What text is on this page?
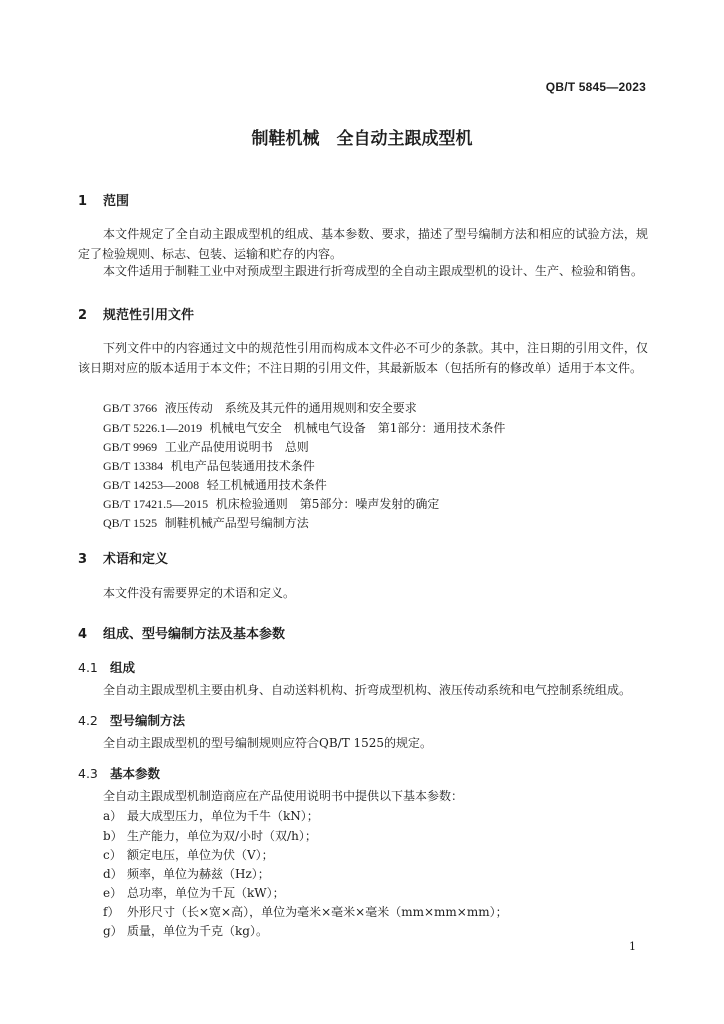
QB/T 5845—2023
制鞋机械　全自动主跟成型机
1 范围
本文件规定了全自动主跟成型机的组成、基本参数、要求，描述了型号编制方法和相应的试验方法，规定了检验规则、标志、包装、运输和贮存的内容。
本文件适用于制鞋工业中对预成型主跟进行折弯成型的全自动主跟成型机的设计、生产、检验和销售。
2 规范性引用文件
下列文件中的内容通过文中的规范性引用而构成本文件必不可少的条款。其中，注日期的引用文件，仅该日期对应的版本适用于本文件；不注日期的引用文件，其最新版本（包括所有的修改单）适用于本文件。
GB/T 3766 液压传动　系统及其元件的通用规则和安全要求
GB/T 5226.1—2019 机械电气安全　机械电气设备　第1部分：通用技术条件
GB/T 9969 工业产品使用说明书　总则
GB/T 13384 机电产品包装通用技术条件
GB/T 14253—2008 轻工机械通用技术条件
GB/T 17421.5—2015 机床检验通则　第5部分：噪声发射的确定
QB/T 1525 制鞋机械产品型号编制方法
3 术语和定义
本文件没有需要界定的术语和定义。
4 组成、型号编制方法及基本参数
4.1 组成
全自动主跟成型机主要由机身、自动送料机构、折弯成型机构、液压传动系统和电气控制系统组成。
4.2 型号编制方法
全自动主跟成型机的型号编制规则应符合QB/T 1525的规定。
4.3 基本参数
全自动主跟成型机制造商应在产品使用说明书中提供以下基本参数：
a） 最大成型压力，单位为千牛（kN）；
b） 生产能力，单位为双/小时（双/h）；
c） 额定电压，单位为伏（V）；
d） 频率，单位为赫兹（Hz）；
e） 总功率，单位为千瓦（kW）；
f） 外形尺寸（长×宽×高），单位为毫米×毫米×毫米（mm×mm×mm）；
g） 质量，单位为千克（kg）。
1
